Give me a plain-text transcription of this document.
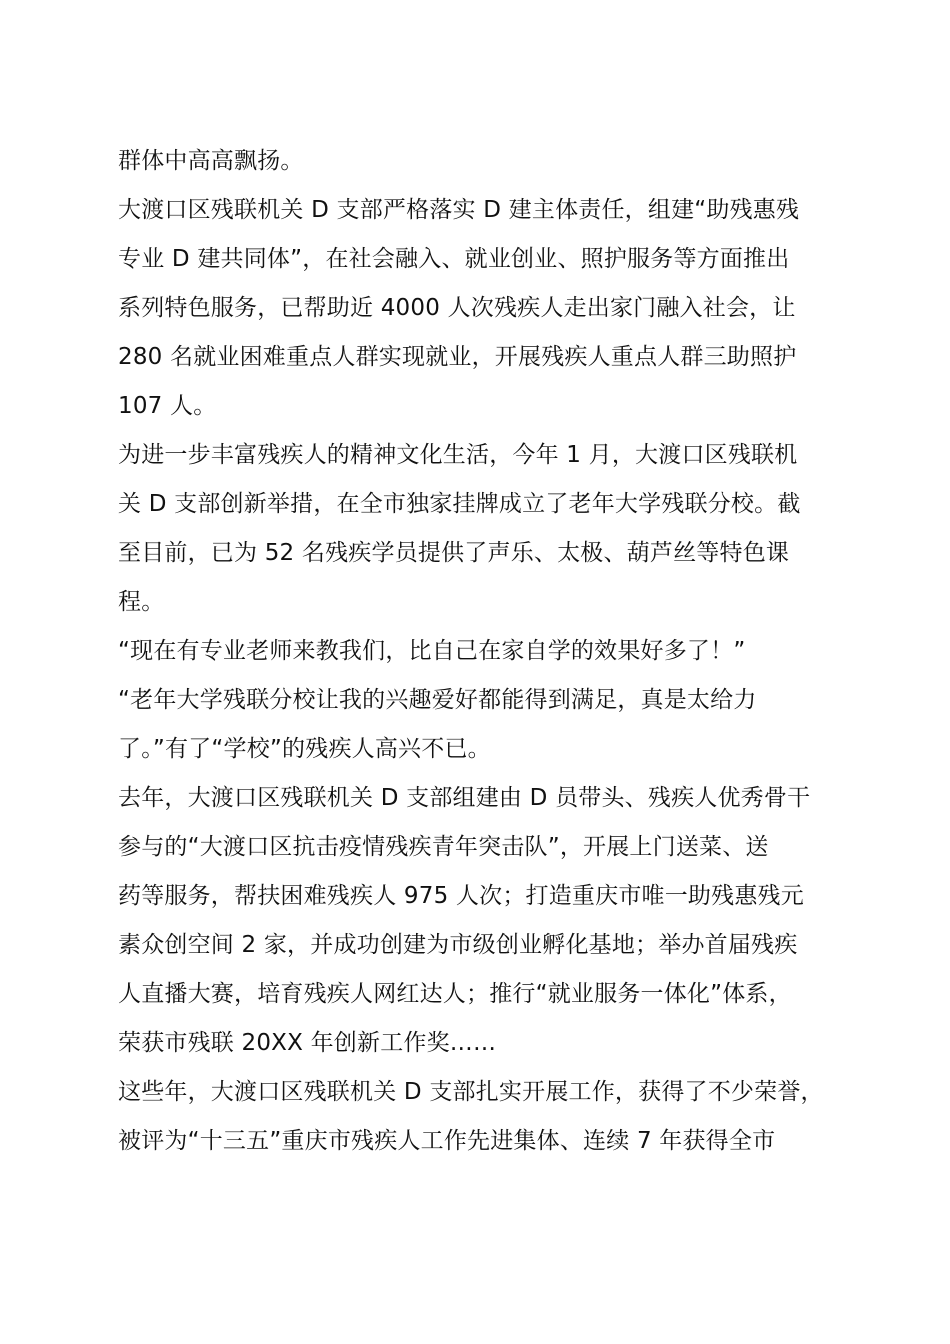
群体中高高飘扬。
大渡口区残联机关 D 支部严格落实 D 建主体责任，组建“助残惠残
专业 D 建共同体”，在社会融入、就业创业、照护服务等方面推出
系列特色服务，已帮助近 4000 人次残疾人走出家门融入社会，让
280 名就业困难重点人群实现就业，开展残疾人重点人群三助照护
107 人。
为进一步丰富残疾人的精神文化生活，今年 1 月，大渡口区残联机
关 D 支部创新举措，在全市独家挂牌成立了老年大学残联分校。截
至目前，已为 52 名残疾学员提供了声乐、太极、葫芦丝等特色课
程。
“现在有专业老师来教我们，比自己在家自学的效果好多了！”
“老年大学残联分校让我的兴趣爱好都能得到满足，真是太给力
了。”有了“学校”的残疾人高兴不已。
去年，大渡口区残联机关 D 支部组建由 D 员带头、残疾人优秀骨干
参与的“大渡口区抗击疫情残疾青年突击队”，开展上门送菜、送
药等服务，帮扶困难残疾人 975 人次；打造重庆市唯一助残惠残元
素众创空间 2 家，并成功创建为市级创业孵化基地；举办首届残疾
人直播大赛，培育残疾人网红达人；推行“就业服务一体化”体系，
荣获市残联 20XX 年创新工作奖……
这些年，大渡口区残联机关 D 支部扎实开展工作，获得了不少荣誉，
被评为“十三五”重庆市残疾人工作先进集体、连续 7 年获得全市
